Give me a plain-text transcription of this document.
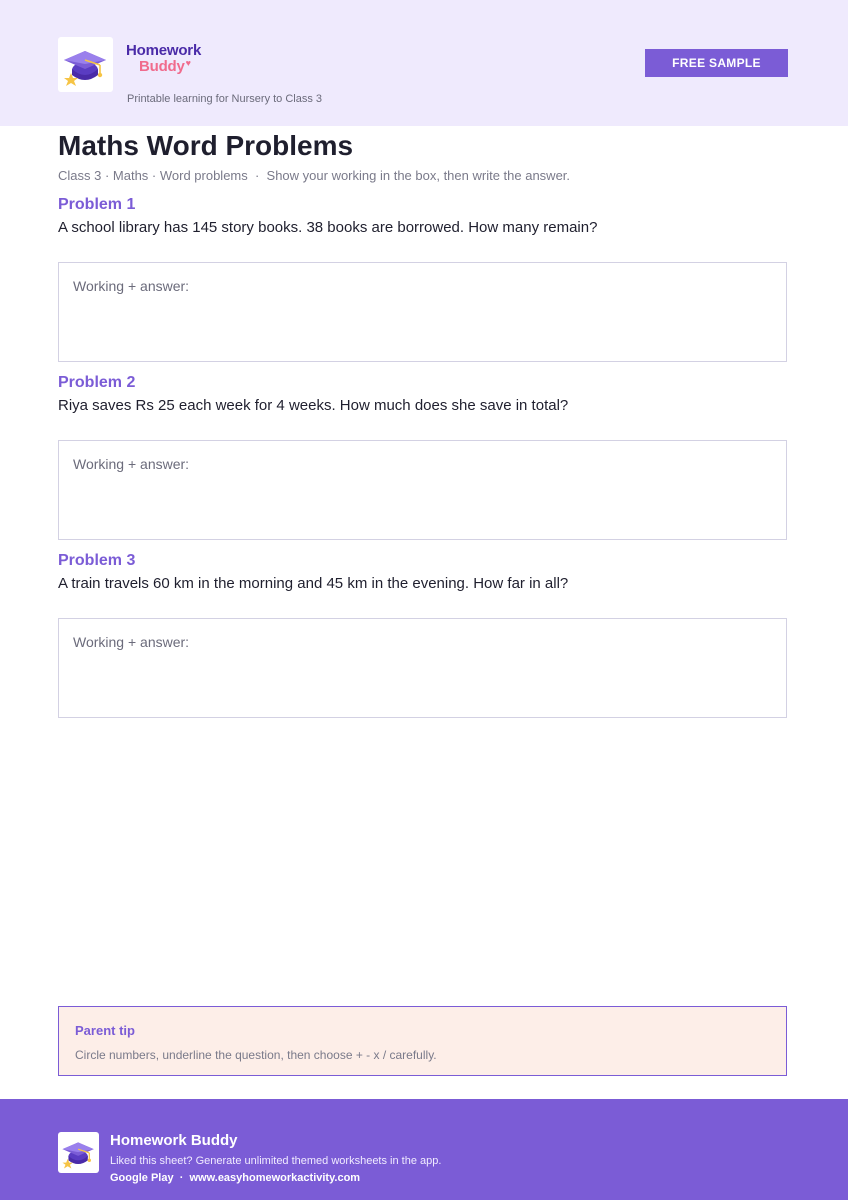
Homework
Buddy♥
Printable learning for Nursery to Class 3
FREE SAMPLE
Maths Word Problems
Class 3 · Maths · Word problems  ·  Show your working in the box, then write the answer.
Problem 1
A school library has 145 story books. 38 books are borrowed. How many remain?
Working + answer:
Problem 2
Riya saves Rs 25 each week for 4 weeks. How much does she save in total?
Working + answer:
Problem 3
A train travels 60 km in the morning and 45 km in the evening. How far in all?
Working + answer:
Parent tip
Circle numbers, underline the question, then choose + - x / carefully.
Homework Buddy
Liked this sheet? Generate unlimited themed worksheets in the app.
Google Play · www.easyhomeworkactivity.com
